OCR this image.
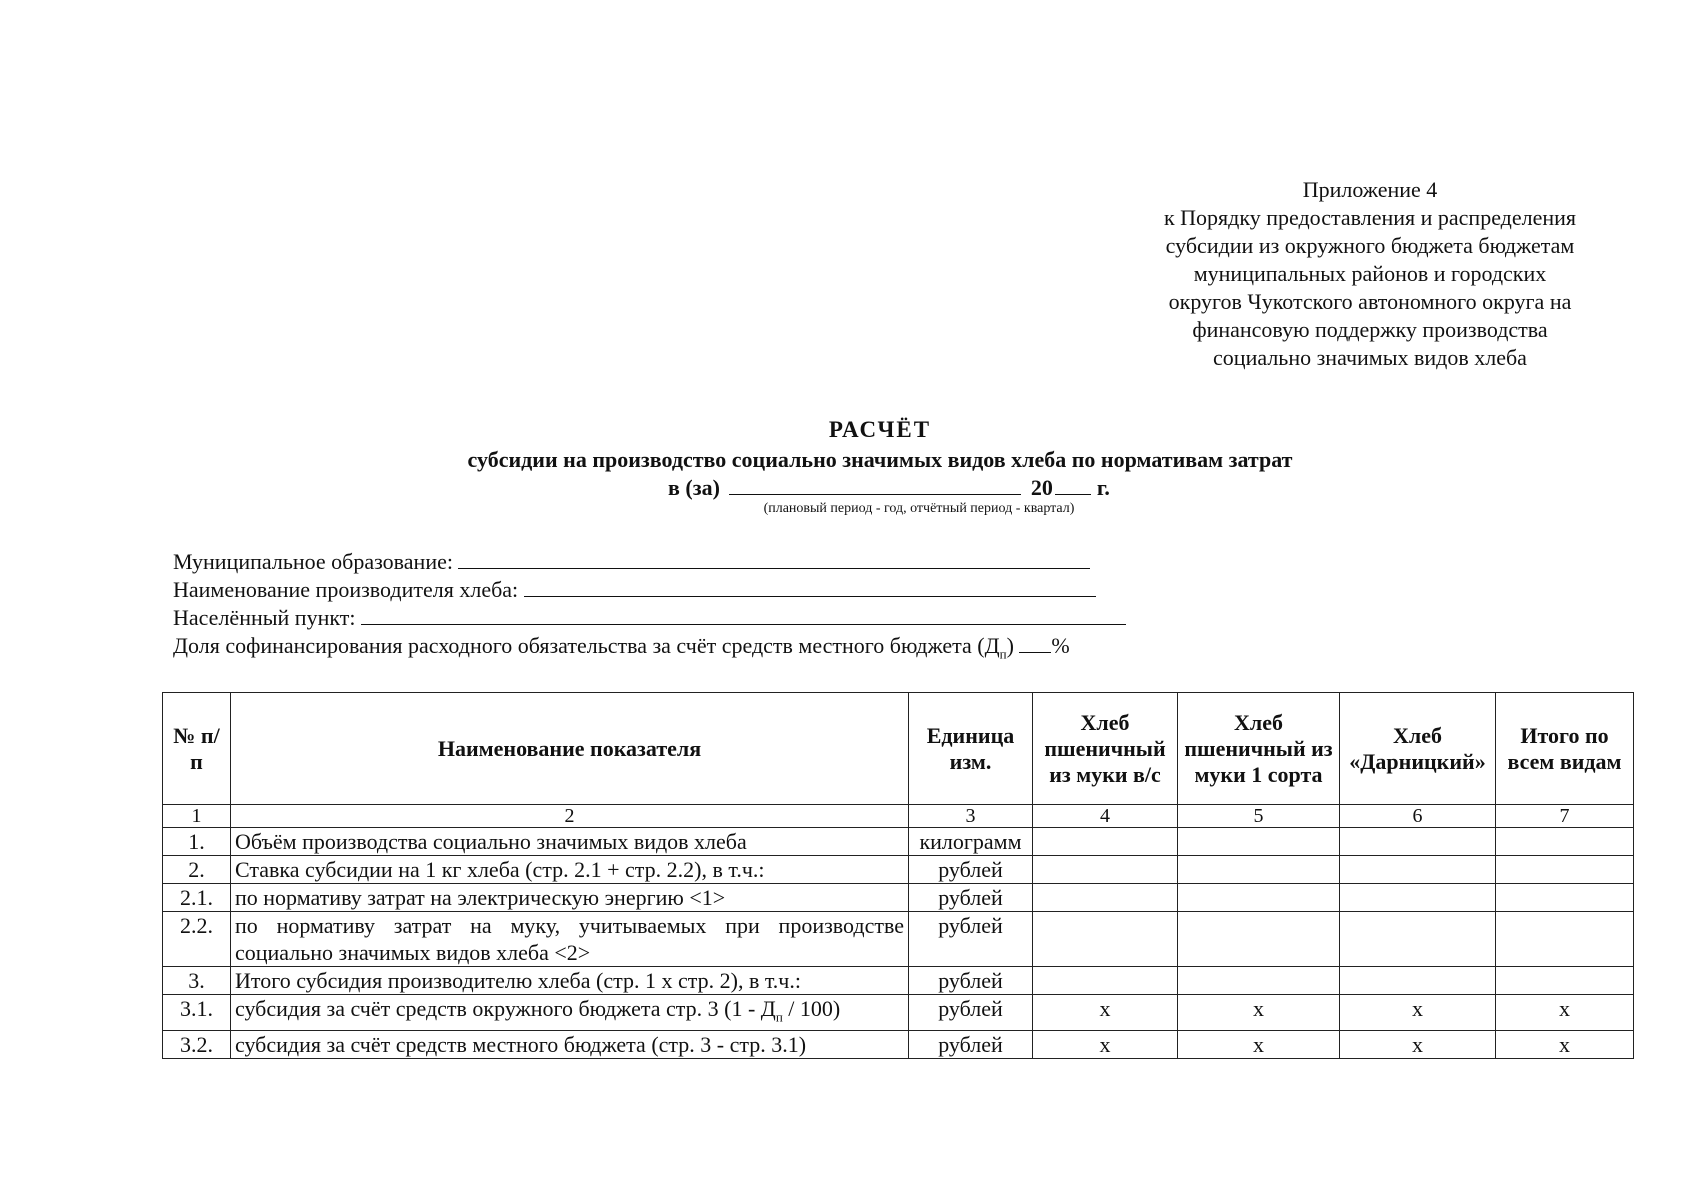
Приложение 4
к Порядку предоставления и распределения
субсидии из окружного бюджета бюджетам
муниципальных районов и городских
округов Чукотского автономного округа на
финансовую поддержку производства
социально значимых видов хлеба
РАСЧЁТ
субсидии на производство социально значимых видов хлеба по нормативам затрат
в (за)	20 г.
(плановый период - год, отчётный период - квартал)
Муниципальное образование:
Наименование производителя хлеба:
Населённый пункт:
Доля софинансирования расходного обязательства за счёт средств местного бюджета $(Д_п)$ %
№ п/п	Наименование показателя	Единица изм.	Хлеб пшеничный из муки в/с	Хлеб пшеничный из муки 1 сорта	Хлеб «Дарницкий»	Итого по всем видам
1	2	3	4	5	6	7
1.	Объём производства социально значимых видов хлеба	килограмм				
2.	Ставка субсидии на 1 кг хлеба (стр. 2.1 + стр. 2.2), в т.ч.:	рублей				
2.1.	по нормативу затрат на электрическую энергию <1>	рублей				
2.2.	по нормативу затрат на муку, учитываемых при производстве социально значимых видов хлеба <2>	рублей				
3.	Итого субсидия производителю хлеба (стр. 1 х стр. 2), в т.ч.:	рублей				
3.1.	субсидия за счёт средств окружного бюджета стр. 3 $(1 - Д_п / 100)$	рублей	х	х	х	х
3.2.	субсидия за счёт средств местного бюджета (стр. 3 - стр. 3.1)	рублей	х	х	х	х
